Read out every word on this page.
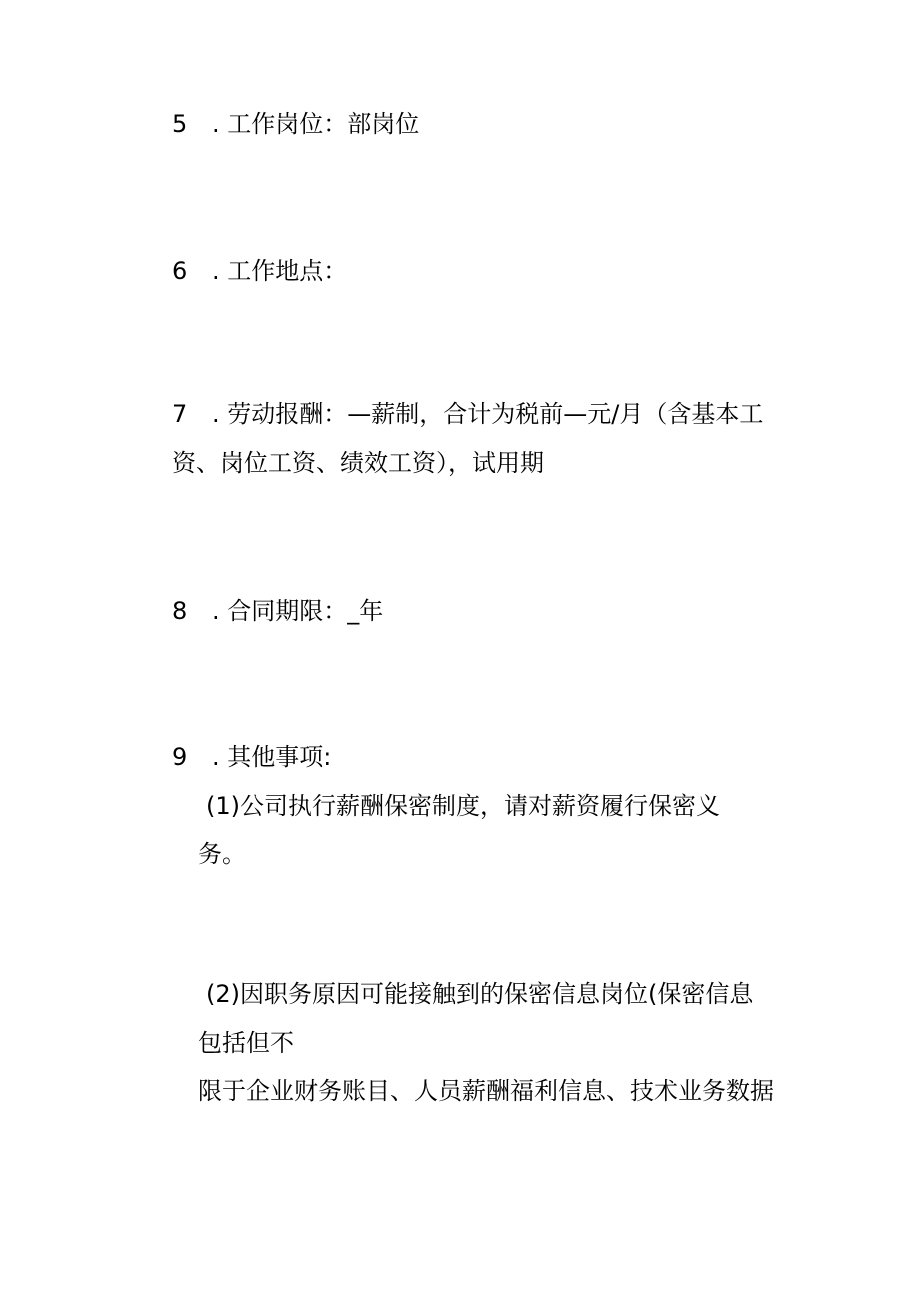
5 . 工作岗位：部岗位
6 . 工作地点：
7 . 劳动报酬：—薪制，合计为税前—元/月（含基本工
资、岗位工资、绩效工资），试用期
8 . 合同期限：_年
9 . 其他事项:
(1)公司执行薪酬保密制度，请对薪资履行保密义
务。
(2)因职务原因可能接触到的保密信息岗位(保密信息
包括但不
限于企业财务账目、人员薪酬福利信息、技术业务数据
